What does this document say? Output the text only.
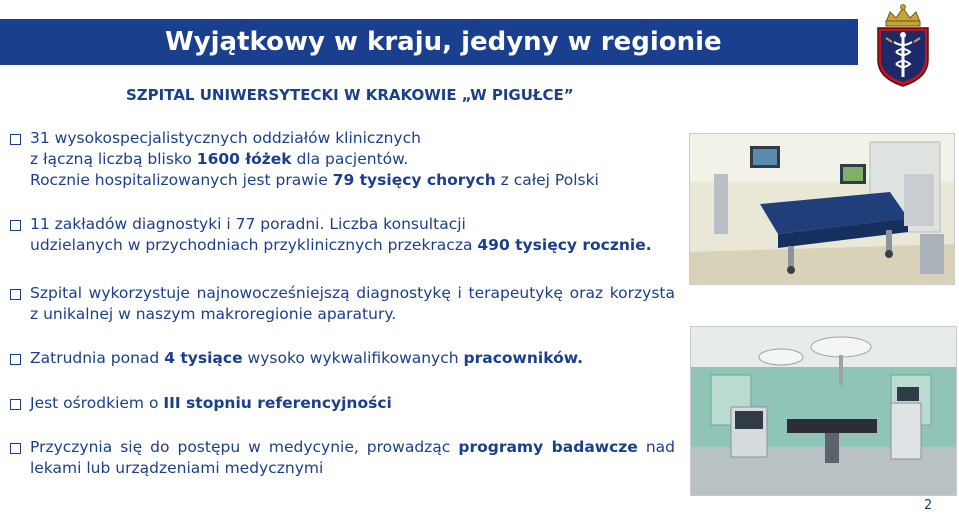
Wyjątkowy w kraju, jedyny w regionie
SZPITAL UNIWERSYTECKI W KRAKOWIE „W PIGUŁCE”
31 wysokospecjalistycznych oddziałów klinicznych
z łączną liczbą blisko 1600 łóżek dla pacjentów.
Rocznie hospitalizowanych jest prawie 79 tysięcy chorych z całej Polski
11 zakładów diagnostyki i 77 poradni. Liczba konsultacji
udzielanych w przychodniach przyklinicznych przekracza 490 tysięcy rocznie.
Szpital wykorzystuje najnowocześniejszą diagnostykę i terapeutykę oraz korzysta z unikalnej w naszym makroregionie aparatury.
Zatrudnia ponad 4 tysiące wysoko wykwalifikowanych pracowników.
Jest ośrodkiem o III stopniu referencyjności
Przyczynia się do postępu w medycynie, prowadząc programy badawcze nad lekami lub urządzeniami medycznymi
2
